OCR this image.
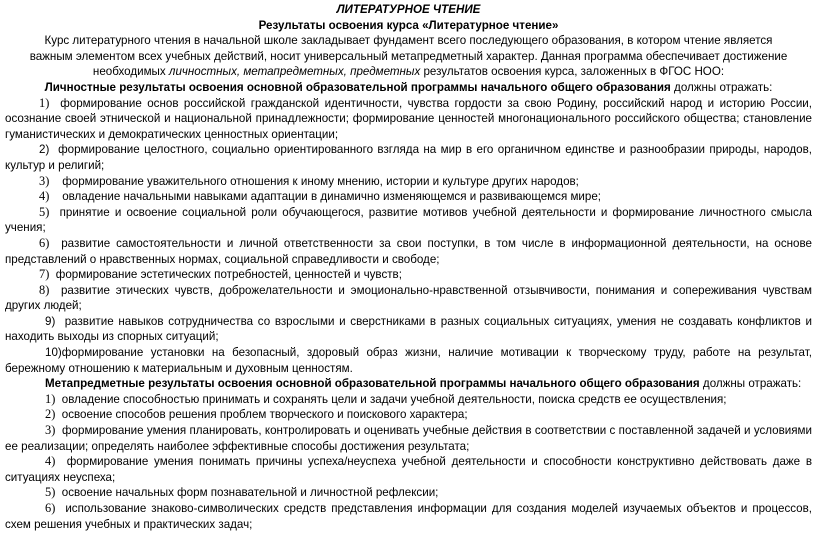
ЛИТЕРАТУРНОЕ ЧТЕНИЕ
Результаты освоения курса «Литературное чтение»
Курс литературного чтения в начальной школе закладывает фундамент всего последующего образования, в котором чтение является
важным элементом всех учебных действий, носит универсальный метапредметный характер. Данная программа обеспечивает достижение
необходимых личностных, метапредметных, предметных результатов освоения курса, заложенных в ФГОС НОО:
Личностные результаты освоения основной образовательной программы начального общего образования должны отражать:
1) формирование основ российской гражданской идентичности, чувства гордости за свою Родину, российский народ и историю России, осознание своей этнической и национальной принадлежности; формирование ценностей многонационального российского общества; становление гуманистических и демократических ценностных ориентации;
2) формирование целостного, социально ориентированного взгляда на мир в его органичном единстве и разнообразии природы, народов, культур и религий;
3) формирование уважительного отношения к иному мнению, истории и культуре других народов;
4) овладение начальными навыками адаптации в динамично изменяющемся и развивающемся мире;
5) принятие и освоение социальной роли обучающегося, развитие мотивов учебной деятельности и формирование личностного смысла учения;
6) развитие самостоятельности и личной ответственности за свои поступки, в том числе в информационной деятельности, на основе представлений о нравственных нормах, социальной справедливости и свободе;
7) формирование эстетических потребностей, ценностей и чувств;
8) развитие этических чувств, доброжелательности и эмоционально-нравственной отзывчивости, понимания и сопереживания чувствам других людей;
9) развитие навыков сотрудничества со взрослыми и сверстниками в разных социальных ситуациях, умения не создавать конфликтов и находить выходы из спорных ситуаций;
10)формирование установки на безопасный, здоровый образ жизни, наличие мотивации к творческому труду, работе на результат, бережному отношению к материальным и духовным ценностям.
Метапредметные результаты освоения основной образовательной программы начального общего образования должны отражать:
1) овладение способностью принимать и сохранять цели и задачи учебной деятельности, поиска средств ее осуществления;
2) освоение способов решения проблем творческого и поискового характера;
3) формирование умения планировать, контролировать и оценивать учебные действия в соответствии с поставленной задачей и условиями ее реализации; определять наиболее эффективные способы достижения результата;
4) формирование умения понимать причины успеха/неуспеха учебной деятельности и способности конструктивно действовать даже в ситуациях неуспеха;
5) освоение начальных форм познавательной и личностной рефлексии;
6) использование знаково-символических средств представления информации для создания моделей изучаемых объектов и процессов, схем решения учебных и практических задач;
